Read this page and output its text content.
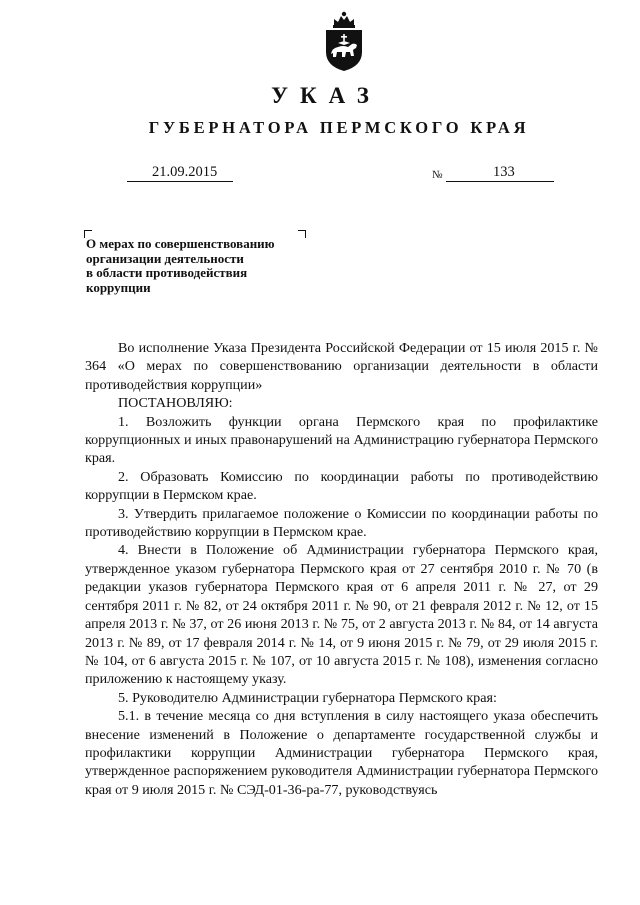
УКАЗ
ГУБЕРНАТОРА ПЕРМСКОГО КРАЯ
21.09.2015	№	133
О мерах по совершенствованию
организации деятельности
в области противодействия
коррупции

Во исполнение Указа Президента Российской Федерации от 15 июля 2015 г. № 364 «О мерах по совершенствованию организации деятельности в области противодействия коррупции»

ПОСТАНОВЛЯЮ:

1. Возложить функции органа Пермского края по профилактике коррупционных и иных правонарушений на Администрацию губернатора Пермского края.

2. Образовать Комиссию по координации работы по противодействию коррупции в Пермском крае.

3. Утвердить прилагаемое положение о Комиссии по координации работы по противодействию коррупции в Пермском крае.

4. Внести в Положение об Администрации губернатора Пермского края, утвержденное указом губернатора Пермского края от 27 сентября 2010 г. № 70 (в редакции указов губернатора Пермского края от 6 апреля 2011 г. № 27, от 29 сентября 2011 г. № 82, от 24 октября 2011 г. № 90, от 21 февраля 2012 г. № 12, от 15 апреля 2013 г. № 37, от 26 июня 2013 г. № 75, от 2 августа 2013 г. № 84, от 14 августа 2013 г. № 89, от 17 февраля 2014 г. № 14, от 9 июня 2015 г. № 79, от 29 июля 2015 г. № 104, от 6 августа 2015 г. № 107, от 10 августа 2015 г. № 108), изменения согласно приложению к настоящему указу.

5. Руководителю Администрации губернатора Пермского края:

5.1. в течение месяца со дня вступления в силу настоящего указа обеспечить внесение изменений в Положение о департаменте государственной службы и профилактики коррупции Администрации губернатора Пермского края, утвержденное распоряжением руководителя Администрации губернатора Пермского края от 9 июля 2015 г. № СЭД-01-36-ра-77, руководствуясь
